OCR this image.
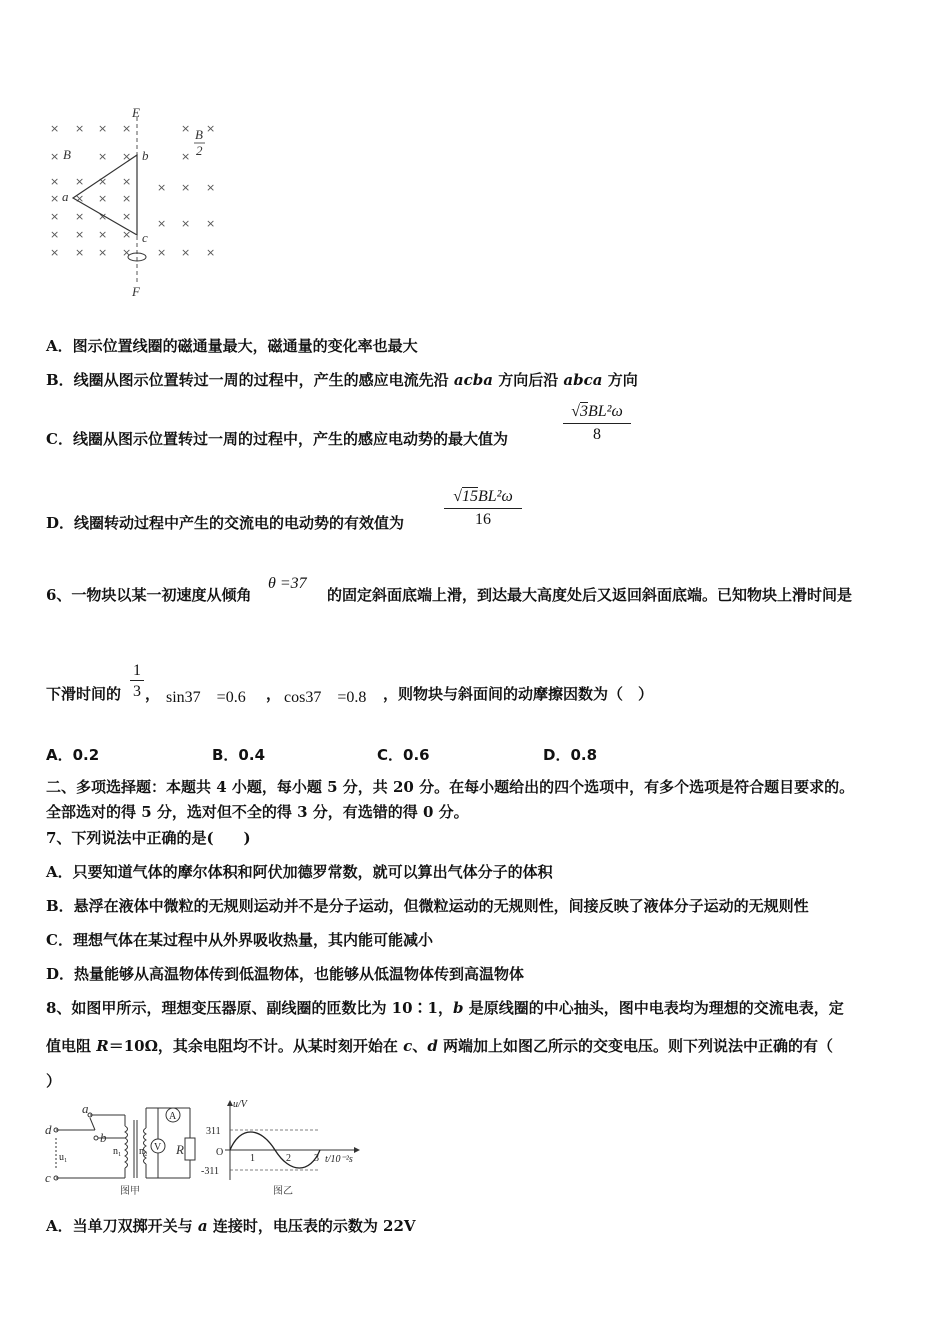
× × × ×	× ×
×	× ×	×
× × × × × × ×
× × × ×
× × × ×
× × ×
× × × ×
× × × × × × ×
E
F
B
B
2
a
b
c
A．图示位置线圈的磁通量最大，磁通量的变化率也最大
B．线圈从图示位置转过一周的过程中，产生的感应电流先沿 acba 方向后沿 abca 方向
C．线圈从图示位置转过一周的过程中，产生的感应电动势的最大值为
√3BL²ω
8
D．线圈转动过程中产生的交流电的电动势的有效值为
√15BL²ω
16
6、一物块以某一初速度从倾角
θ =37
的固定斜面底端上滑，到达最大高度处后又返回斜面底端。已知物块上滑时间是
下滑时间的
1
3 ， sin37　=0.6 ， cos37　=0.8 ，则物块与斜面间的动摩擦因数为（　）
A．0.2	B．0.4	C．0.6	D．0.8
二、多项选择题：本题共 4 小题，每小题 5 分，共 20 分。在每小题给出的四个选项中，有多个选项是符合题目要求的。
全部选对的得 5 分，选对但不全的得 3 分，有选错的得 0 分。
7、下列说法中正确的是(　　)
A．只要知道气体的摩尔体积和阿伏加德罗常数，就可以算出气体分子的体积
B．悬浮在液体中微粒的无规则运动并不是分子运动，但微粒运动的无规则性，间接反映了液体分子运动的无规则性
C．理想气体在某过程中从外界吸收热量，其内能可能减小
D．热量能够从高温物体传到低温物体，也能够从低温物体传到高温物体
8、如图甲所示，理想变压器原、副线圈的匝数比为 10∶1，b 是原线圈的中心抽头，图中电表均为理想的交流电表，定
值电阻 R＝10Ω，其余电阻均不计。从某时刻开始在 c、d 两端加上如图乙所示的交变电压。则下列说法中正确的有（
）
d
c
a
b
u₁
n₁ n₂
A
V R
图甲
u/V
311
O
-311
1	2 3 t/10⁻²s
图乙
A．当单刀双掷开关与 a 连接时，电压表的示数为 22V
